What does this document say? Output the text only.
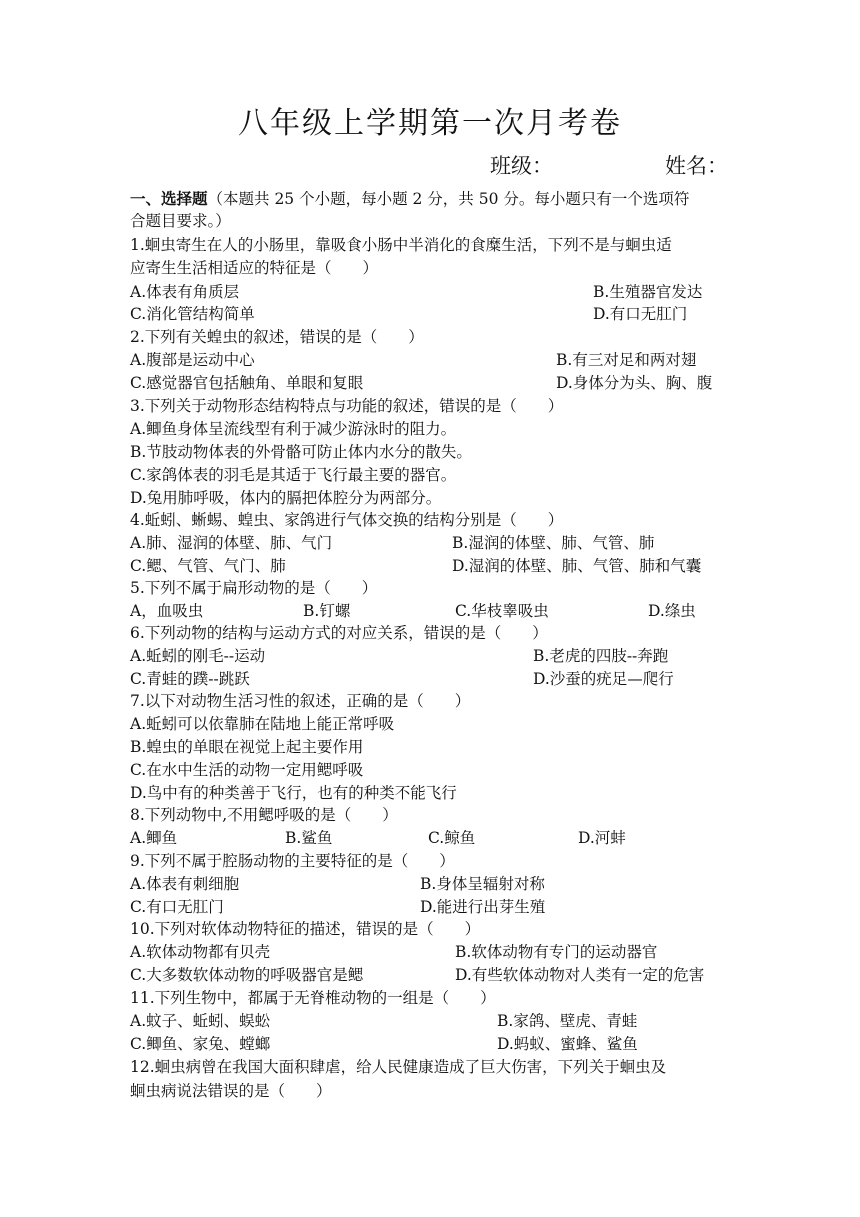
八年级上学期第一次月考卷
班级：	姓名：
一、选择题（本题共 25 个小题，每小题 2 分，共 50 分。每小题只有一个选项符
合题目要求。）
1.蛔虫寄生在人的小肠里，靠吸食小肠中半消化的食糜生活，下列不是与蛔虫适
应寄生生活相适应的特征是（　　）
A.体表有角质层	B.生殖器官发达
C.消化管结构简单	D.有口无肛门
2.下列有关蝗虫的叙述，错误的是（　　）
A.腹部是运动中心	B.有三对足和两对翅
C.感觉器官包括触角、单眼和复眼	D.身体分为头、胸、腹
3.下列关于动物形态结构特点与功能的叙述，错误的是（　　）
A.鲫鱼身体呈流线型有利于减少游泳时的阻力。
B.节肢动物体表的外骨骼可防止体内水分的散失。
C.家鸽体表的羽毛是其适于飞行最主要的器官。
D.兔用肺呼吸，体内的膈把体腔分为两部分。
4.蚯蚓、蜥蜴、蝗虫、家鸽进行气体交换的结构分别是（　　）
A.肺、湿润的体壁、肺、气门	B.湿润的体壁、肺、气管、肺
C.鳃、气管、气门、肺	D.湿润的体壁、肺、气管、肺和气囊
5.下列不属于扁形动物的是（　　）
A，血吸虫	B.钉螺	C.华枝睾吸虫	D.绦虫
6.下列动物的结构与运动方式的对应关系，错误的是（　　）
A.蚯蚓的刚毛--运动	B.老虎的四肢--奔跑
C.青蛙的蹼--跳跃	D.沙蚕的疣足—爬行
7.以下对动物生活习性的叙述，正确的是（　　）
A.蚯蚓可以依靠肺在陆地上能正常呼吸
B.蝗虫的单眼在视觉上起主要作用
C.在水中生活的动物一定用鳃呼吸
D.鸟中有的种类善于飞行，也有的种类不能飞行
8.下列动物中,不用鳃呼吸的是（　　）
A.鲫鱼	B.鲨鱼	C.鲸鱼	D.河蚌
9.下列不属于腔肠动物的主要特征的是（　　）
A.体表有刺细胞	B.身体呈辐射对称
C.有口无肛门	D.能进行出芽生殖
10.下列对软体动物特征的描述，错误的是（　　）
A.软体动物都有贝壳	B.软体动物有专门的运动器官
C.大多数软体动物的呼吸器官是鳃	D.有些软体动物对人类有一定的危害
11.下列生物中，都属于无脊椎动物的一组是（　　）
A.蚊子、蚯蚓、蜈蚣	B.家鸽、壁虎、青蛙
C.鲫鱼、家兔、螳螂	D.蚂蚁、蜜蜂、鲨鱼
12.蛔虫病曾在我国大面积肆虐，给人民健康造成了巨大伤害，下列关于蛔虫及
蛔虫病说法错误的是（　　）
